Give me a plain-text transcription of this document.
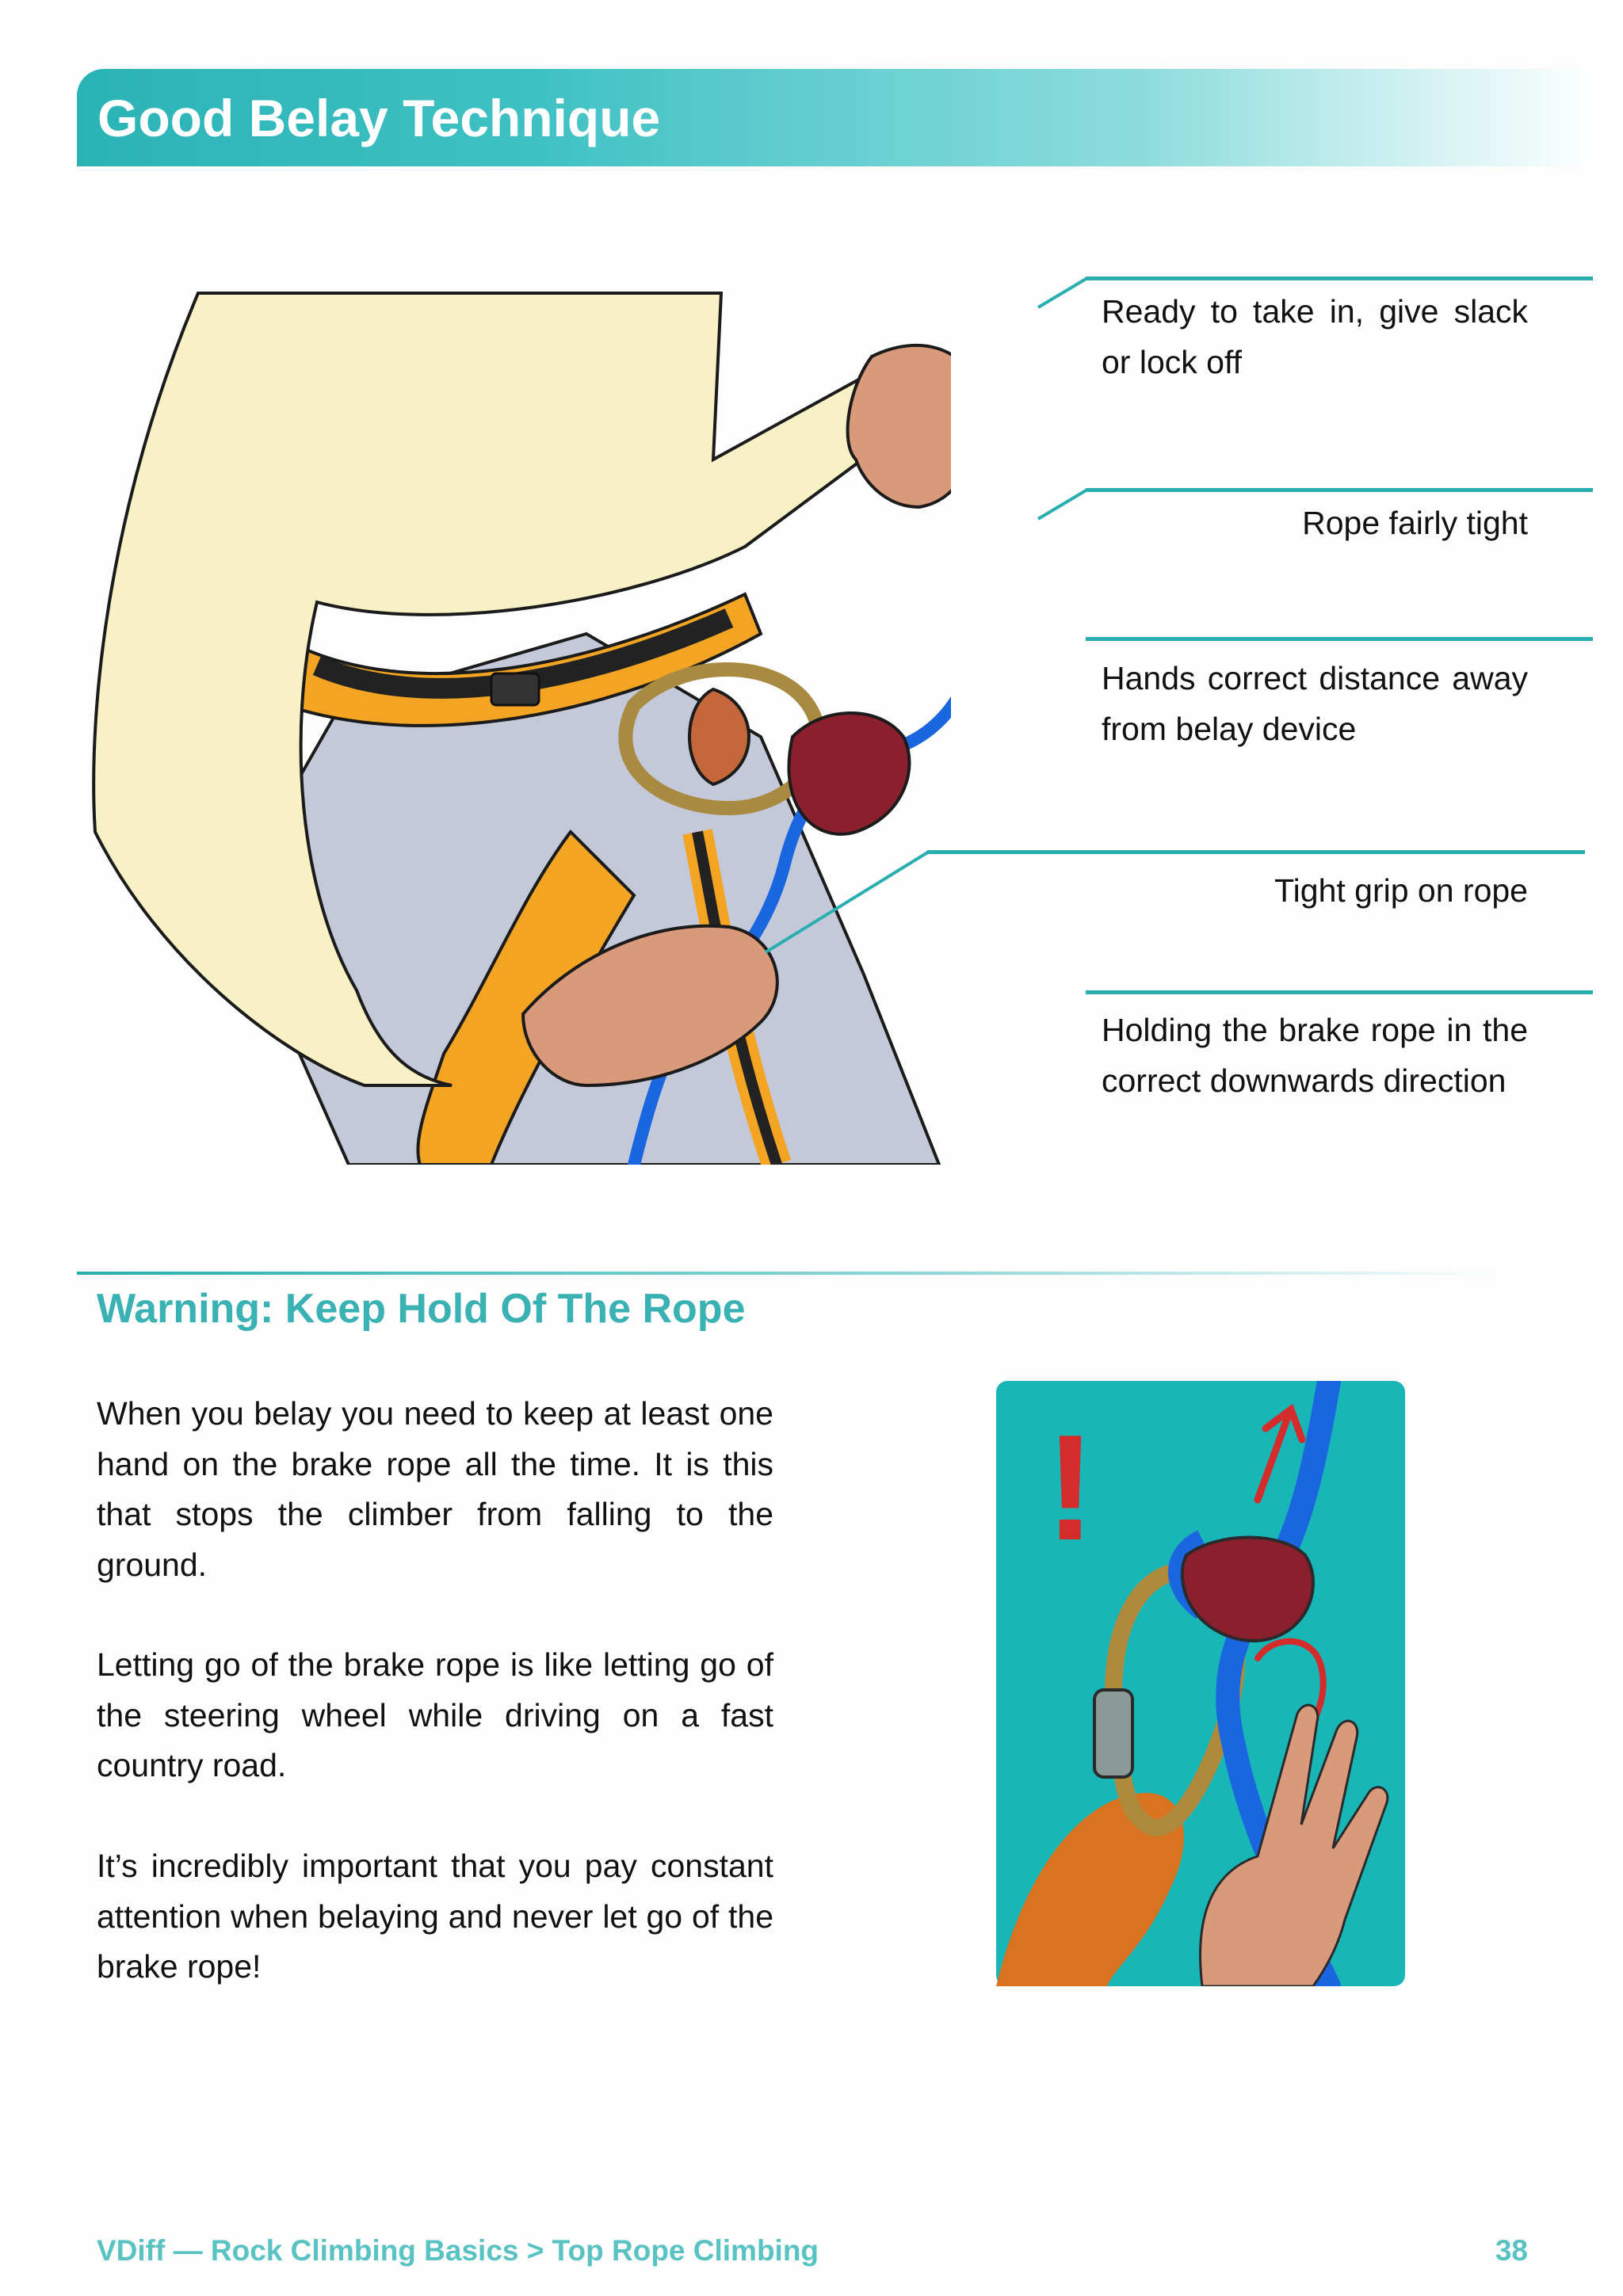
Good Belay Technique
Ready to take in, give slack or lock off
Rope fairly tight
Hands correct distance away from belay device
Tight grip on rope
Holding the brake rope in the correct downwards direction
Warning: Keep Hold Of The Rope

When you belay you need to keep at least one hand on the brake rope all the time. It is this that stops the climber from falling to the ground.

Letting go of the brake rope is like letting go of the steering wheel while driving on a fast country road.

It’s incredibly important that you pay constant attention when belaying and never let go of the brake rope!

!
VDiff — Rock Climbing Basics > Top Rope Climbing	38
